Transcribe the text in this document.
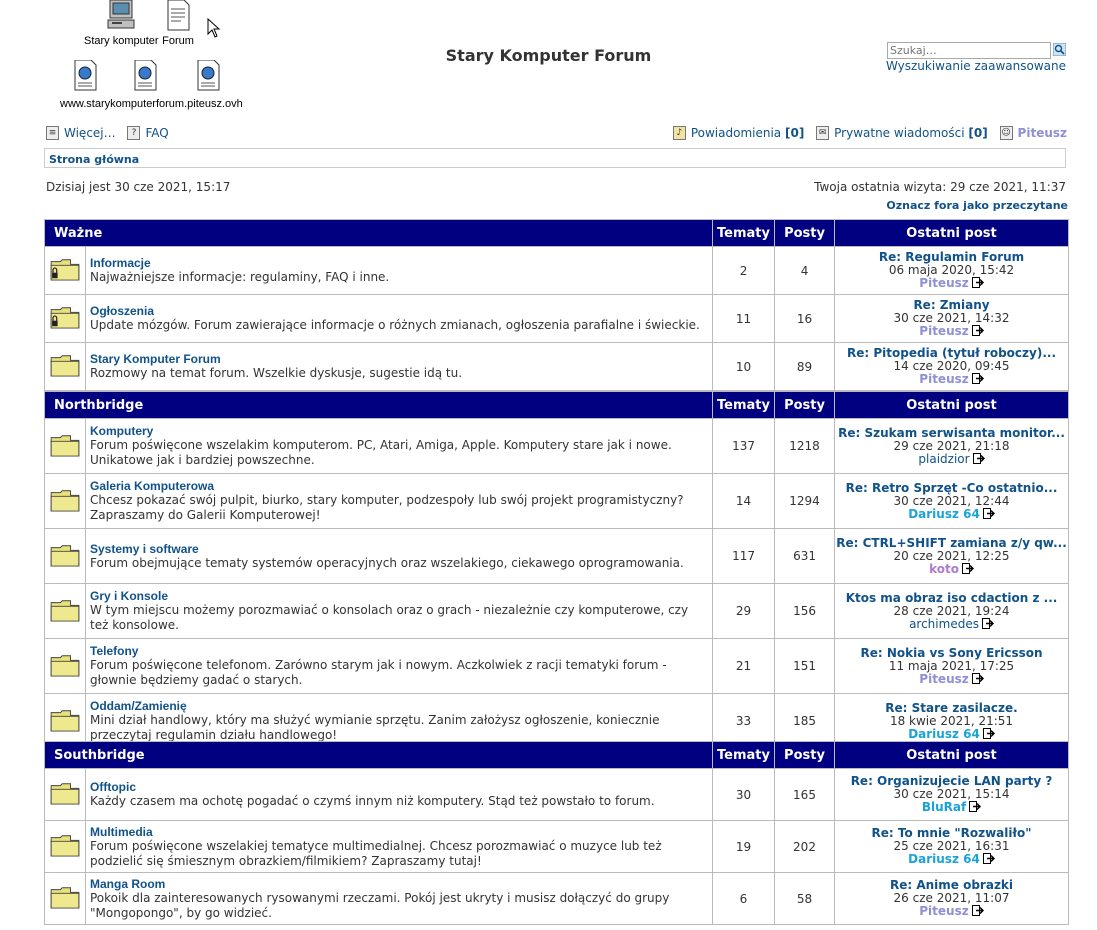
Stary komputer Forum
www.starykomputerforum.piteusz.ovh
Stary Komputer Forum
Szukaj…
Wyszukiwanie zaawansowane
≡ Więcej…
	? FAQ	♪ Powiadomienia
[0]
	✉ Prywatne wiadomości
[0]
☺ Piteusz
Strona główna
Dzisiaj jest 30 cze 2021, 15:17	Twoja ostatnia wizyta: 29 cze 2021, 11:37
Oznacz fora jako przeczytane
Ważne		Tematy	Posty	Ostatni post

Informacje
Najważniejsze informacje: regulaminy, FAQ i inne.	2	4	Re: Regulamin Forum
06 maja 2020, 15:42
Piteusz

Ogłoszenia
Update mózgów. Forum zawierające informacje o różnych zmianach, ogłoszenia parafialne i świeckie.	11	16	Re: Zmiany
30 cze 2021, 14:32
Piteusz

Stary Komputer Forum
Rozmowy na temat forum. Wszelkie dyskusje, sugestie idą tu.	10	89	Re: Pitopedia (tytuł roboczy)...
14 cze 2020, 09:45
Piteusz
Northbridge		Tematy	Posty	Ostatni post

Komputery
Forum poświęcone wszelakim komputerom. PC, Atari, Amiga, Apple. Komputery stare jak i nowe. Unikatowe jak i bardziej powszechne.	137	1218	Re: Szukam serwisanta monitor...
29 cze 2021, 21:18
plaidzior

Galeria Komputerowa
Chcesz pokazać swój pulpit, biurko, stary komputer, podzespoły lub swój projekt programistyczny? Zapraszamy do Galerii Komputerowej!	14	1294	Re: Retro Sprzęt -Co ostatnio...
30 cze 2021, 12:44
Dariusz 64

Systemy i software
Forum obejmujące tematy systemów operacyjnych oraz wszelakiego, ciekawego oprogramowania.	117	631	Re: CTRL+SHIFT zamiana z/y qw...
20 cze 2021, 12:25
koto

Gry i Konsole
W tym miejscu możemy porozmawiać o konsolach oraz o grach - niezależnie czy komputerowe, czy też konsolowe.	29	156	Ktos ma obraz iso cdaction z ...
28 cze 2021, 19:24
archimedes

Telefony
Forum poświęcone telefonom. Zarówno starym jak i nowym. Aczkolwiek z racji tematyki forum - głownie będziemy gadać o starych.	21	151	Re: Nokia vs Sony Ericsson
11 maja 2021, 17:25
Piteusz

Oddam/Zamienię
Mini dział handlowy, który ma służyć wymianie sprzętu. Zanim założysz ogłoszenie, koniecznie przeczytaj regulamin działu handlowego!	33	185	Re: Stare zasilacze.
18 kwie 2021, 21:51
Dariusz 64
Southbridge		Tematy	Posty	Ostatni post

Offtopic
Każdy czasem ma ochotę pogadać o czymś innym niż komputery. Stąd też powstało to forum.	30	165	Re: Organizujecie LAN party ?
30 cze 2021, 15:14
BluRaf

Multimedia
Forum poświęcone wszelakiej tematyce multimedialnej. Chcesz porozmawiać o muzyce lub też podzielić się śmiesznym obrazkiem/filmikiem? Zapraszamy tutaj!	19	202	Re: To mnie "Rozwaliło"
25 cze 2021, 16:31
Dariusz 64

Manga Room
Pokoik dla zainteresowanych rysowanymi rzeczami. Pokój jest ukryty i musisz dołączyć do grupy "Mongopongo", by go widzieć.	6	58	Re: Anime obrazki
26 cze 2021, 11:07
Piteusz
